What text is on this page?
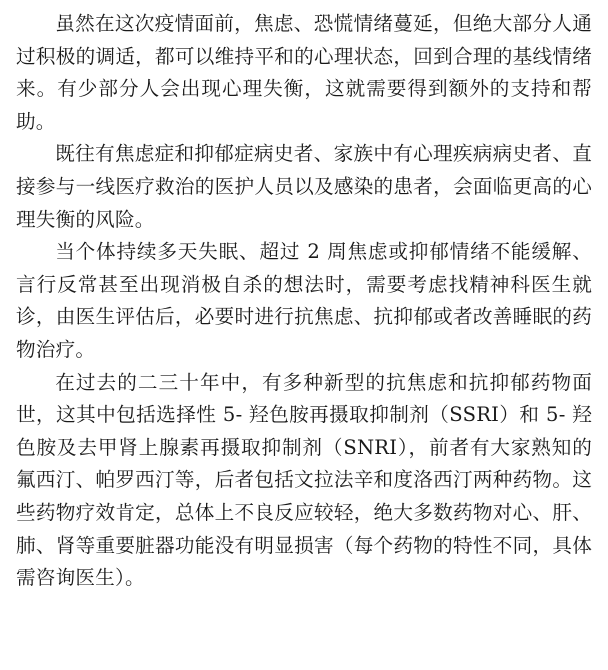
虽然在这次疫情面前，焦虑、恐慌情绪蔓延，但绝大部分人通过积极的调适，都可以维持平和的心理状态，回到合理的基线情绪来。有少部分人会出现心理失衡，这就需要得到额外的支持和帮助。

既往有焦虑症和抑郁症病史者、家族中有心理疾病病史者、直接参与一线医疗救治的医护人员以及感染的患者，会面临更高的心理失衡的风险。

当个体持续多天失眠、超过 2 周焦虑或抑郁情绪不能缓解、言行反常甚至出现消极自杀的想法时，需要考虑找精神科医生就诊，由医生评估后，必要时进行抗焦虑、抗抑郁或者改善睡眠的药物治疗。

在过去的二三十年中，有多种新型的抗焦虑和抗抑郁药物面世，这其中包括选择性 5- 羟色胺再摄取抑制剂（SSRI）和 5- 羟色胺及去甲肾上腺素再摄取抑制剂（SNRI），前者有大家熟知的氟西汀、帕罗西汀等，后者包括文拉法辛和度洛西汀两种药物。这些药物疗效肯定，总体上不良反应较轻，绝大多数药物对心、肝、肺、肾等重要脏器功能没有明显损害（每个药物的特性不同，具体需咨询医生）。
